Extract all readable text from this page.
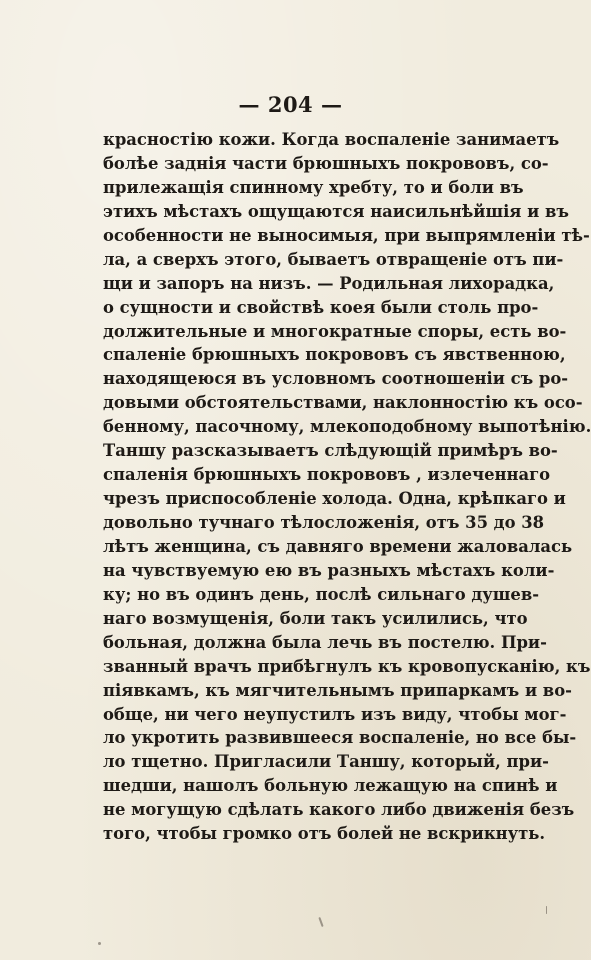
— 204 —
красностію кожи. Когда воспаленіе занимаетъ
болѣе заднія части брюшныхъ покрововъ, со-
прилежащія спинному хребту, то и боли въ
этихъ мѣстахъ ощущаются наисильнѣйшія и въ
особенности не выносимыя, при выпрямленіи тѣ-
ла, а сверхъ этого, бываетъ отвращеніе отъ пи-
щи и запоръ на низъ. — Родильная лихорадка,
о сущности и свойствѣ коея были столь про-
должительные и многократные споры, есть во-
спаленіе брюшныхъ покрововъ съ явственною,
находящеюся въ условномъ соотношеніи съ ро-
довыми обстоятельствами, наклонностію къ осо-
бенному, пасочному, млекоподобному выпотѣнію.
Таншу разсказываетъ слѣдующій примѣръ во-
спаленія брюшныхъ покрововъ , излеченнаго
чрезъ приспособленіе холода. Одна, крѣпкаго и
довольно тучнаго тѣлосложенія, отъ 35 до 38
лѣтъ женщина, съ давняго времени жаловалась
на чувствуемую ею въ разныхъ мѣстахъ коли-
ку; но въ одинъ день, послѣ сильнаго душев-
наго возмущенія, боли такъ усилились, что
больная, должна была лечь въ постелю. При-
званный врачъ прибѣгнулъ къ кровопусканію, къ
піявкамъ, къ мягчительнымъ припаркамъ и во-
обще, ни чего неупустилъ изъ виду, чтобы мог-
ло укротить развившееся воспаленіе, но все бы-
ло тщетно. Пригласили Таншу, который, при-
шедши, нашолъ больную лежащую на спинѣ и
не могущую сдѣлать какого либо движенія безъ
того, чтобы громко отъ болей не вскрикнуть.
